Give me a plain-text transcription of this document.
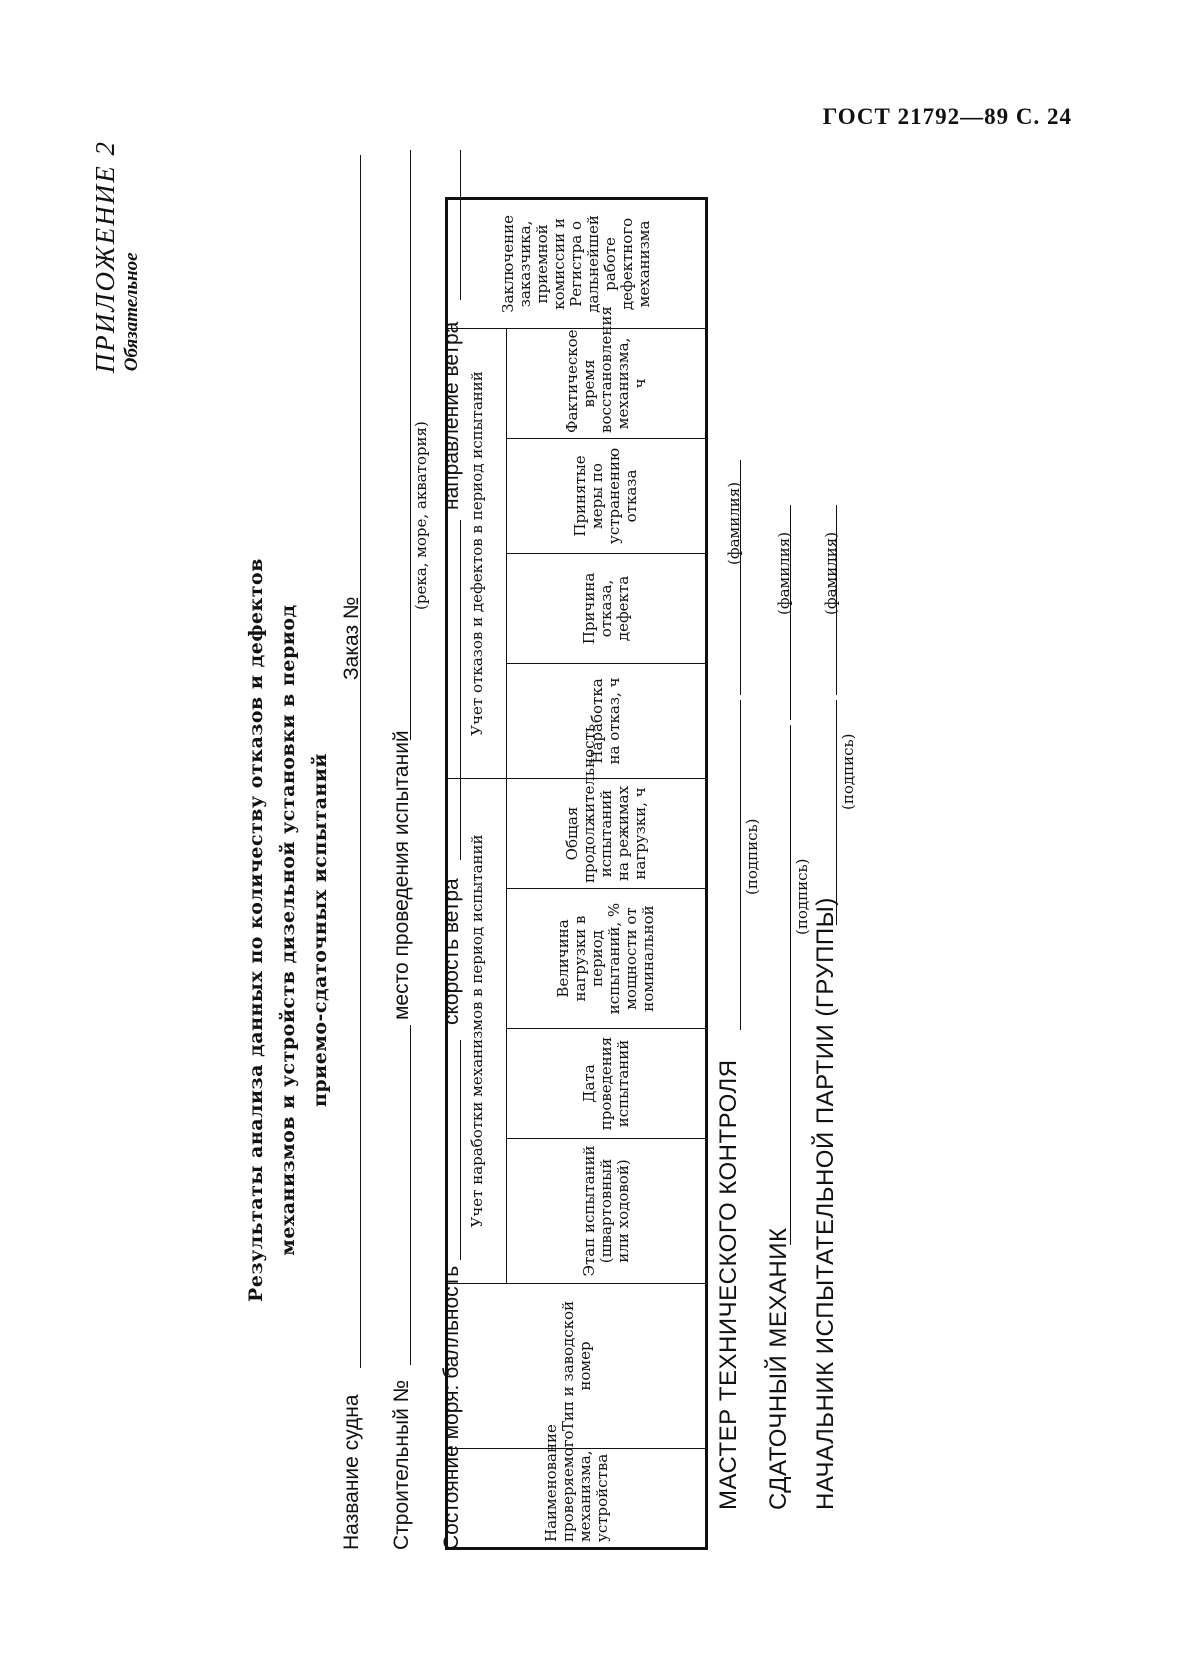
ГОСТ 21792—89 С. 24
ПРИЛОЖЕНИЕ 2 Обязательное
Результаты анализа данных по количеству отказов и дефектов механизмов и устройств дизельной установки в период приемо-сдаточных испытаний
Название судна
Заказ №
Строительный №
место проведения испытаний
(река, море, акватория)
Состояние моря: балльность
скорость ветра
направление ветра
Наименование проверяемого механизма, устройства	Тип и заводской номер	Учет наработки механизмов в период испытаний				Учет отказов и дефектов в период испытаний				Заключение заказчика, приемной комиссии и Регистра о дальнейшей работе дефектного механизма
		Этап испытаний (швартовный или ходовой)	Дата проведения испытаний	Величина нагрузки в период испытаний, % мощности от номинальной	Общая продолжительность испытаний на режимах нагрузки, ч	Наработка на отказ, ч	Причина отказа, дефекта	Принятые меры по устранению отказа	Фактическое время восстановления механизма, ч	
МАСТЕР ТЕХНИЧЕСКОГО КОНТРОЛЯ
(подпись)
(фамилия)
СДАТОЧНЫЙ МЕХАНИК
(подпись)
(фамилия)
НАЧАЛЬНИК ИСПЫТАТЕЛЬНОЙ ПАРТИИ (ГРУППЫ)
(подпись)
(фамилия)
